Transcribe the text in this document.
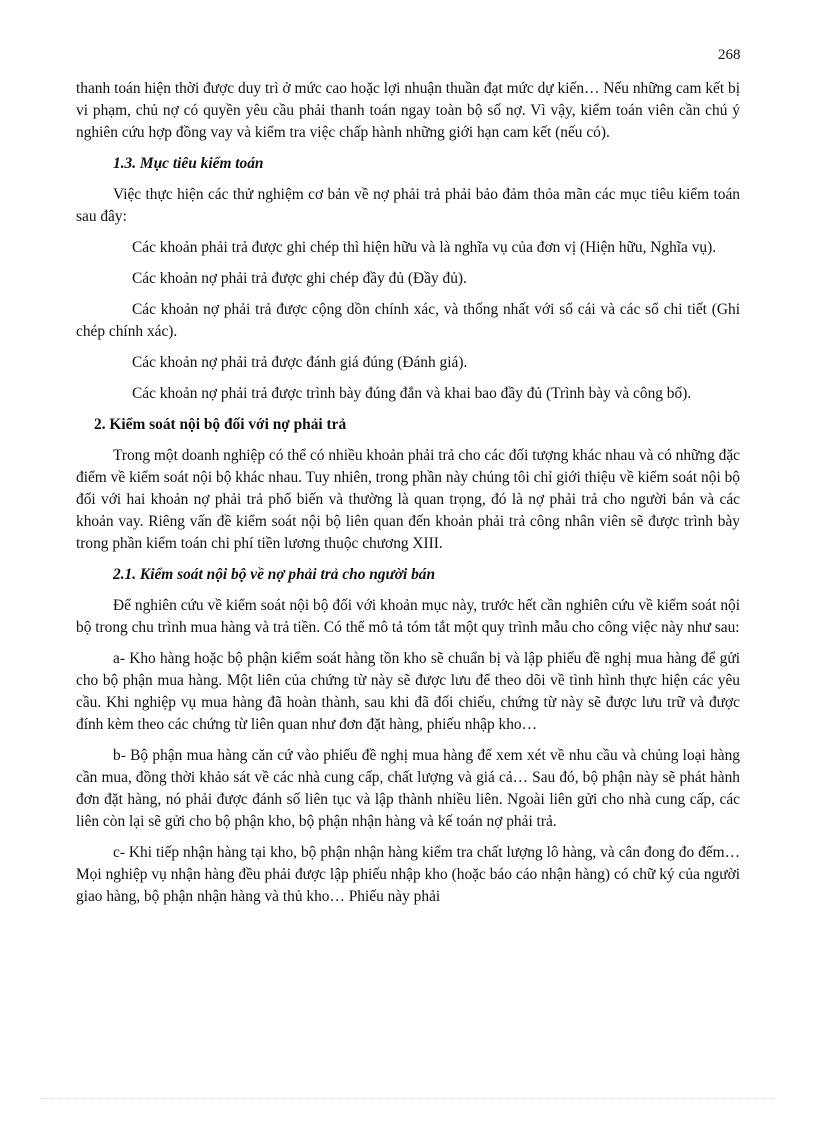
268

thanh toán hiện thời được duy trì ở mức cao hoặc lợi nhuận thuần đạt mức dự kiến… Nếu những cam kết bị vi phạm, chủ nợ có quyền yêu cầu phải thanh toán ngay toàn bộ số nợ. Vì vậy, kiểm toán viên cần chú ý nghiên cứu hợp đồng vay và kiểm tra việc chấp hành những giới hạn cam kết (nếu có).

1.3. Mục tiêu kiểm toán

Việc thực hiện các thử nghiệm cơ bản về nợ phải trả phải bảo đảm thỏa mãn các mục tiêu kiểm toán sau đây:

Các khoản phải trả được ghi chép thì hiện hữu và là nghĩa vụ của đơn vị (Hiện hữu, Nghĩa vụ).

Các khoản nợ phải trả được ghi chép đầy đủ (Đầy đủ).

Các khoản nợ phải trả được cộng dồn chính xác, và thống nhất với sổ cái và các sổ chi tiết (Ghi chép chính xác).

Các khoản nợ phải trả được đánh giá đúng (Đánh giá).

Các khoản nợ phải trả được trình bày đúng đắn và khai bao đầy đủ (Trình bày và công bố).

2. Kiểm soát nội bộ đối với nợ phải trả

Trong một doanh nghiệp có thể có nhiều khoản phải trả cho các đối tượng khác nhau và có những đặc điểm về kiểm soát nội bộ khác nhau. Tuy nhiên, trong phần này chúng tôi chỉ giới thiệu về kiểm soát nội bộ đối với hai khoản nợ phải trả phổ biến và thường là quan trọng, đó là nợ phải trả cho người bán và các khoản vay. Riêng vấn đề kiểm soát nội bộ liên quan đến khoản phải trả công nhân viên sẽ được trình bày trong phần kiểm toán chi phí tiền lương thuộc chương XIII.

2.1. Kiểm soát nội bộ về nợ phải trả cho người bán

Để nghiên cứu về kiểm soát nội bộ đối với khoản mục này, trước hết cần nghiên cứu về kiểm soát nội bộ trong chu trình mua hàng và trả tiền. Có thể mô tả tóm tắt một quy trình mẫu cho công việc này như sau:

a- Kho hàng hoặc bộ phận kiểm soát hàng tồn kho sẽ chuẩn bị và lập phiếu đề nghị mua hàng để gửi cho bộ phận mua hàng. Một liên của chứng từ này sẽ được lưu để theo dõi về tình hình thực hiện các yêu cầu. Khi nghiệp vụ mua hàng đã hoàn thành, sau khi đã đối chiếu, chứng từ này sẽ được lưu trữ và được đính kèm theo các chứng từ liên quan như đơn đặt hàng, phiếu nhập kho…

b- Bộ phận mua hàng căn cứ vào phiếu đề nghị mua hàng để xem xét về nhu cầu và chủng loại hàng cần mua, đồng thời khảo sát về các nhà cung cấp, chất lượng và giá cả… Sau đó, bộ phận này sẽ phát hành đơn đặt hàng, nó phải được đánh số liên tục và lập thành nhiều liên. Ngoài liên gửi cho nhà cung cấp, các liên còn lại sẽ gửi cho bộ phận kho, bộ phận nhận hàng và kế toán nợ phải trả.

c- Khi tiếp nhận hàng tại kho, bộ phận nhận hàng kiểm tra chất lượng lô hàng, và cân đong đo đếm… Mọi nghiệp vụ nhận hàng đều phải được lập phiếu nhập kho (hoặc báo cáo nhận hàng) có chữ ký của người giao hàng, bộ phận nhận hàng và thủ kho… Phiếu này phải
